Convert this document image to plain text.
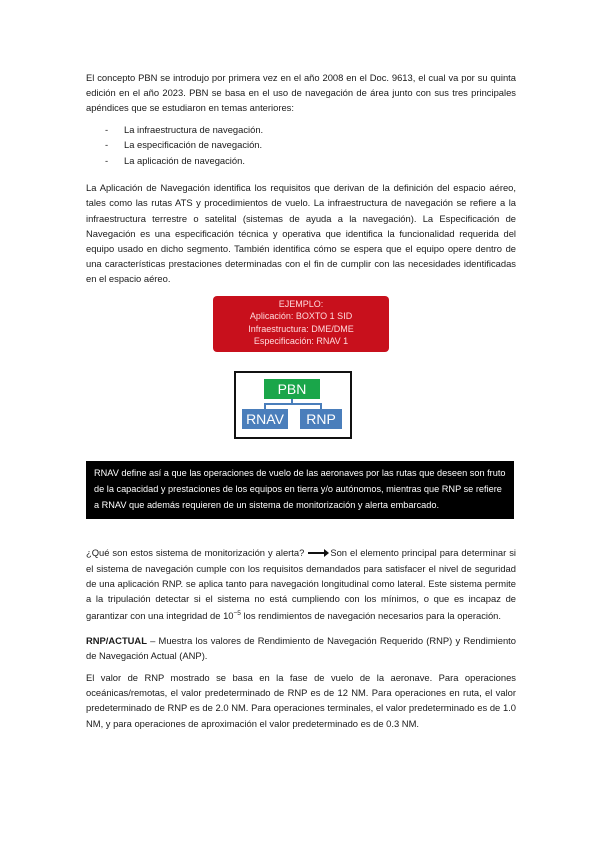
El concepto PBN se introdujo por primera vez en el año 2008 en el Doc. 9613, el cual va por su quinta edición en el año 2023. PBN se basa en el uso de navegación de área junto con sus tres principales apéndices que se estudiaron en temas anteriores:

- La infraestructura de navegación.
- La especificación de navegación.
- La aplicación de navegación.

La Aplicación de Navegación identifica los requisitos que derivan de la definición del espacio aéreo, tales como las rutas ATS y procedimientos de vuelo. La infraestructura de navegación se refiere a la infraestructura terrestre o satelital (sistemas de ayuda a la navegación). La Especificación de Navegación es una especificación técnica y operativa que identifica la funcionalidad requerida del equipo usado en dicho segmento. También identifica cómo se espera que el equipo opere dentro de una características prestaciones determinadas con el fin de cumplir con las necesidades identificadas en el espacio aéreo.

EJEMPLO:
Aplicación: BOXTO 1 SID
Infraestructura: DME/DME
Especificación: RNAV 1
PBN
RNAV	RNP
RNAV define así a que las operaciones de vuelo de las aeronaves por las rutas que deseen son fruto de la capacidad y prestaciones de los equipos en tierra y/o autónomos, mientras que RNP se refiere a RNAV que además requieren de un sistema de monitorización y alerta embarcado.

¿Qué son estos sistema de monitorización y alerta?	Son el elemento principal para determinar si el sistema de navegación cumple con los requisitos demandados para satisfacer el nivel de seguridad de una aplicación RNP. se aplica tanto para navegación longitudinal como lateral. Este sistema permite a la tripulación detectar si el sistema no está cumpliendo con los mínimos, o que es incapaz de garantizar con una integridad de $10^{-5}$ los rendimientos de navegación necesarios para la operación.

RNP/ACTUAL – Muestra los valores de Rendimiento de Navegación Requerido (RNP) y Rendimiento de Navegación Actual (ANP).

El valor de RNP mostrado se basa en la fase de vuelo de la aeronave. Para operaciones oceánicas/remotas, el valor predeterminado de RNP es de 12 NM. Para operaciones en ruta, el valor predeterminado de RNP es de 2.0 NM. Para operaciones terminales, el valor predeterminado es de 1.0 NM, y para operaciones de aproximación el valor predeterminado es de 0.3 NM.
